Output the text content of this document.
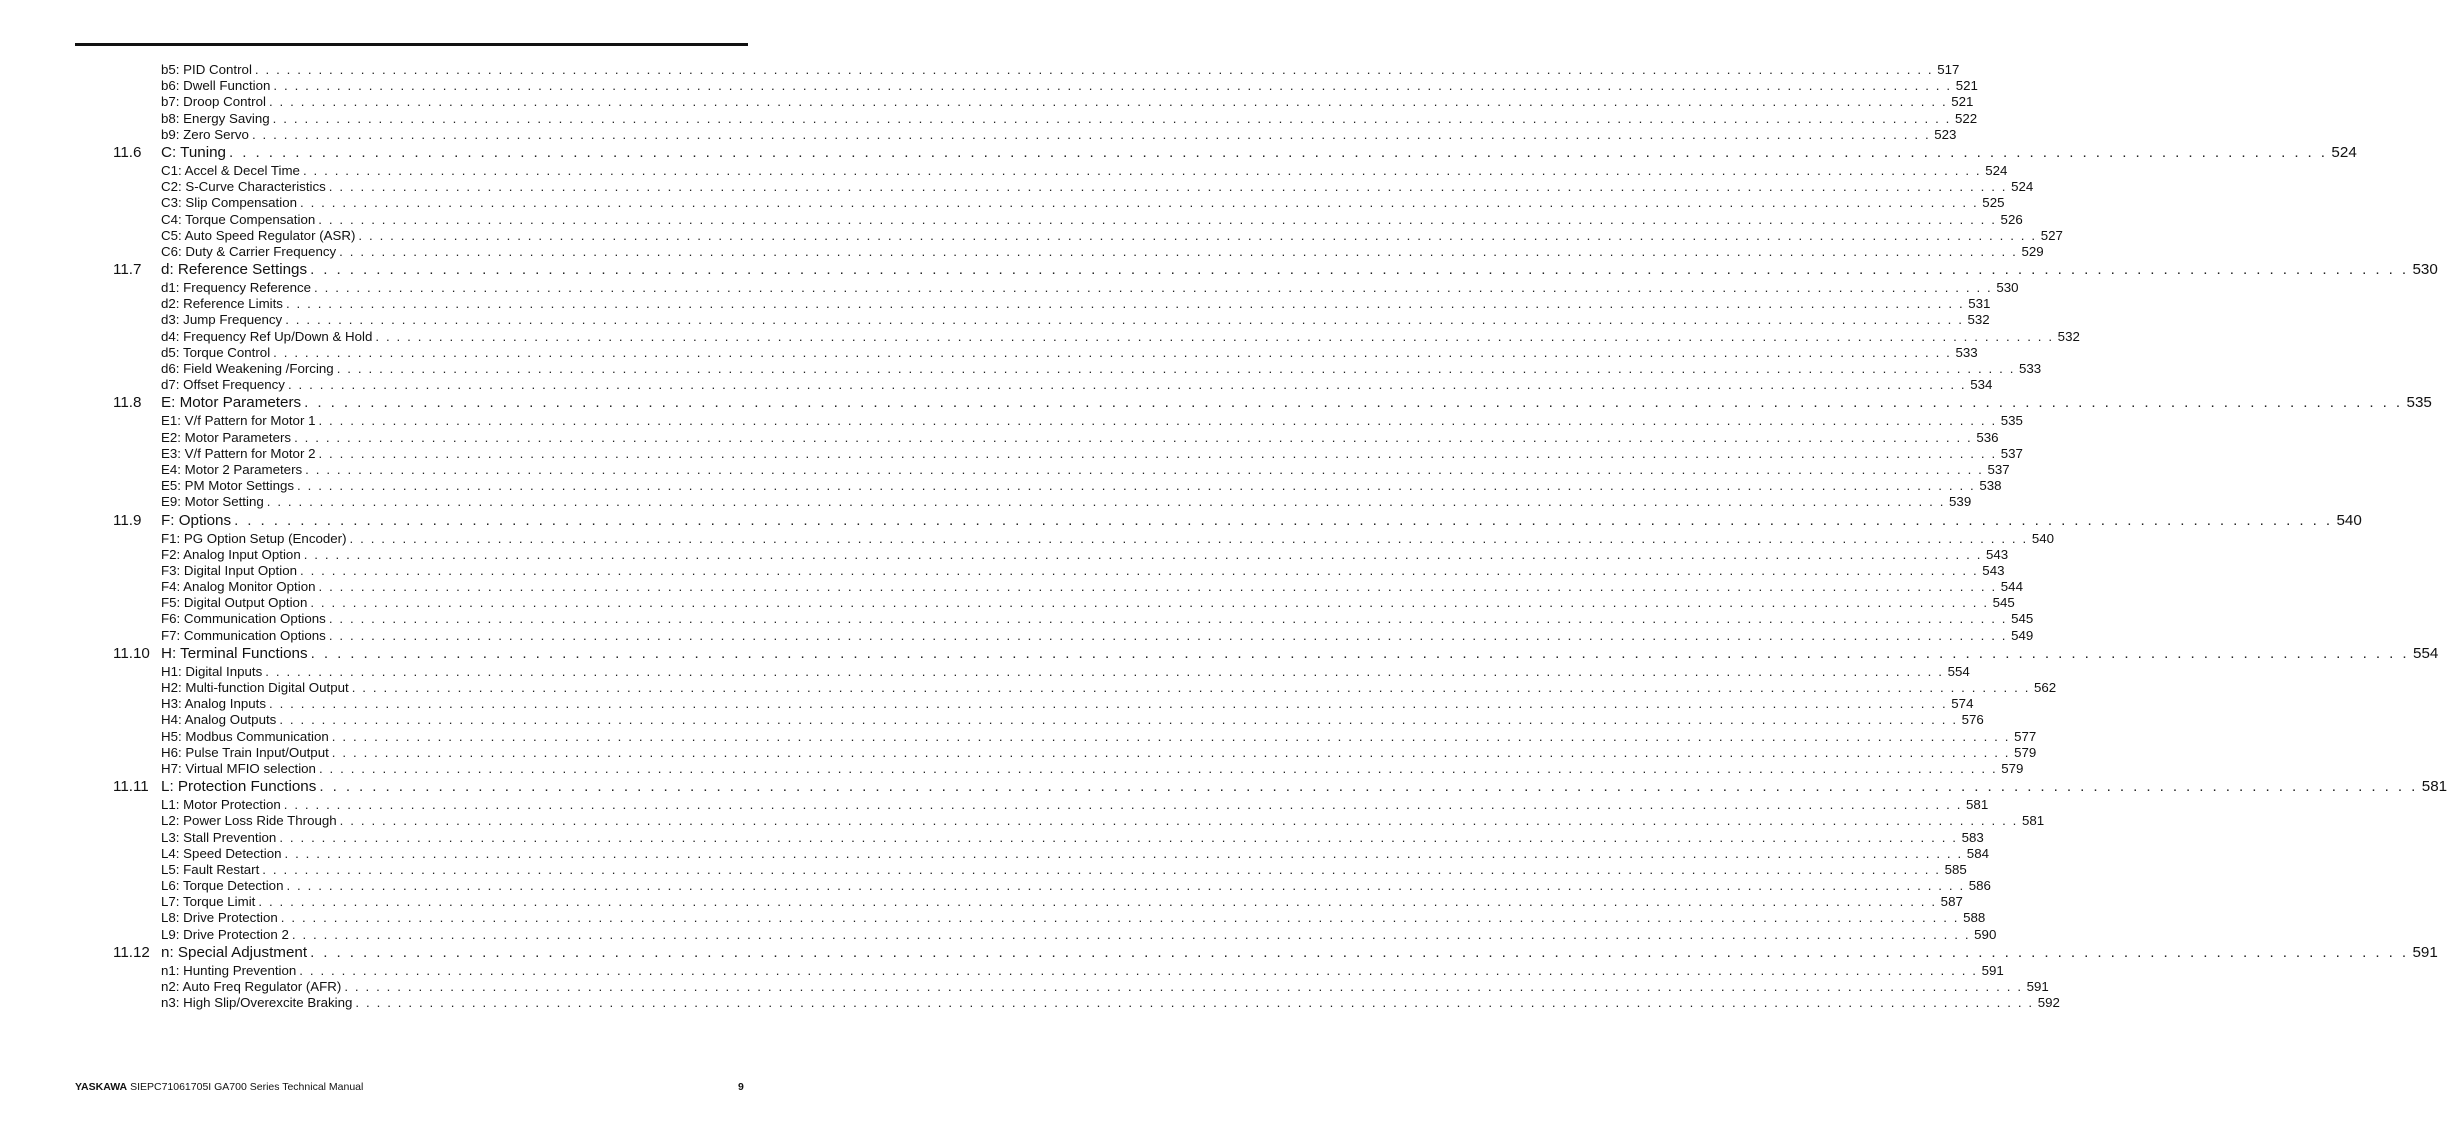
b5: PID Control . . . . . . . . . . . . . . . . . . . . . . . . . . . . . . . . . . . . . . . . . . . . . . . . . . . . . . . . . . . . . . . . . . . . . . . . . . . . . . . . . . . . . . . . . . . . . . . . . . . . . . . . . . . . . . . . . . . . . . . . . . . . . . . . . . . . . . . . . . . . . . . . . . . . . . . . . . . . . . . 517
b6: Dwell Function . . . . . . . . . . . . . . . . . . . . . . . . . . . . . . . . . . . . . . . . . . . . . . . . . . . . . . . . . . . . . . . . . . . . . . . . . . . . . . . . . . . . . . . . . . . . . . . . . . . . . . . . . . . . . . . . . . . . . . . . . . . . . . . . . . . . . . . . . . . . . . . . . . . . . . . . . . . . . . . 521
b7: Droop Control . . . . . . . . . . . . . . . . . . . . . . . . . . . . . . . . . . . . . . . . . . . . . . . . . . . . . . . . . . . . . . . . . . . . . . . . . . . . . . . . . . . . . . . . . . . . . . . . . . . . . . . . . . . . . . . . . . . . . . . . . . . . . . . . . . . . . . . . . . . . . . . . . . . . . . . . . . . . . . . 521
b8: Energy Saving . . . . . . . . . . . . . . . . . . . . . . . . . . . . . . . . . . . . . . . . . . . . . . . . . . . . . . . . . . . . . . . . . . . . . . . . . . . . . . . . . . . . . . . . . . . . . . . . . . . . . . . . . . . . . . . . . . . . . . . . . . . . . . . . . . . . . . . . . . . . . . . . . . . . . . . . . . . . . . . 522
b9: Zero Servo . . . . . . . . . . . . . . . . . . . . . . . . . . . . . . . . . . . . . . . . . . . . . . . . . . . . . . . . . . . . . . . . . . . . . . . . . . . . . . . . . . . . . . . . . . . . . . . . . . . . . . . . . . . . . . . . . . . . . . . . . . . . . . . . . . . . . . . . . . . . . . . . . . . . . . . . . . . . . . . 523
11.6 C: Tuning . . . . . . . . . . . . . . . . . . . . . . . . . . . . . . . . . . . . . . . . . . . . . . . . . . . . . . . . . . . . . . . . . . . . . . . . . . . . . . . . . . . . . . . . . . . . . . . . . . . . . . . . . . . . . . . . . . . . . . . . . . . . . . . . . . . . . . . . . . . . . . . . . . . . . . . . . . . . . . . 524
C1: Accel & Decel Time . . . . . . . . . . . . . . . . . . . . . . . . . . . . . . . . . . . . . . . . . . . . . . . . . . . . . . . . . . . . . . . . . . . . . . . . . . . . . . . . . . . . . . . . . . . . . . . . . . . . . . . . . . . . . . . . . . . . . . . . . . . . . . . . . . . . . . . . . . . . . . . . . . . . . . . . . . . . . . . 524
C2: S-Curve Characteristics . . . . . . . . . . . . . . . . . . . . . . . . . . . . . . . . . . . . . . . . . . . . . . . . . . . . . . . . . . . . . . . . . . . . . . . . . . . . . . . . . . . . . . . . . . . . . . . . . . . . . . . . . . . . . . . . . . . . . . . . . . . . . . . . . . . . . . . . . . . . . . . . . . . . . . . . . . . . . . . 524
C3: Slip Compensation . . . . . . . . . . . . . . . . . . . . . . . . . . . . . . . . . . . . . . . . . . . . . . . . . . . . . . . . . . . . . . . . . . . . . . . . . . . . . . . . . . . . . . . . . . . . . . . . . . . . . . . . . . . . . . . . . . . . . . . . . . . . . . . . . . . . . . . . . . . . . . . . . . . . . . . . . . . . . . . 525
C4: Torque Compensation . . . . . . . . . . . . . . . . . . . . . . . . . . . . . . . . . . . . . . . . . . . . . . . . . . . . . . . . . . . . . . . . . . . . . . . . . . . . . . . . . . . . . . . . . . . . . . . . . . . . . . . . . . . . . . . . . . . . . . . . . . . . . . . . . . . . . . . . . . . . . . . . . . . . . . . . . . . . . . . 526
C5: Auto Speed Regulator (ASR) . . . . . . . . . . . . . . . . . . . . . . . . . . . . . . . . . . . . . . . . . . . . . . . . . . . . . . . . . . . . . . . . . . . . . . . . . . . . . . . . . . . . . . . . . . . . . . . . . . . . . . . . . . . . . . . . . . . . . . . . . . . . . . . . . . . . . . . . . . . . . . . . . . . . . . . . . . . . . . . 527
C6: Duty & Carrier Frequency . . . . . . . . . . . . . . . . . . . . . . . . . . . . . . . . . . . . . . . . . . . . . . . . . . . . . . . . . . . . . . . . . . . . . . . . . . . . . . . . . . . . . . . . . . . . . . . . . . . . . . . . . . . . . . . . . . . . . . . . . . . . . . . . . . . . . . . . . . . . . . . . . . . . . . . . . . . . . . . 529
11.7 d: Reference Settings . . . . . . . . . . . . . . . . . . . . . . . . . . . . . . . . . . . . . . . . . . . . . . . . . . . . . . . . . . . . . . . . . . . . . . . . . . . . . . . . . . . . . . . . . . . . . . . . . . . . . . . . . . . . . . . . . . . . . . . . . . . . . . . . . . . . . . . . . . . . . . . . . . . . . . . . . . . . . . . 530
d1: Frequency Reference . . . . . . . . . . . . . . . . . . . . . . . . . . . . . . . . . . . . . . . . . . . . . . . . . . . . . . . . . . . . . . . . . . . . . . . . . . . . . . . . . . . . . . . . . . . . . . . . . . . . . . . . . . . . . . . . . . . . . . . . . . . . . . . . . . . . . . . . . . . . . . . . . . . . . . . . . . . . . . . 530
d2: Reference Limits . . . . . . . . . . . . . . . . . . . . . . . . . . . . . . . . . . . . . . . . . . . . . . . . . . . . . . . . . . . . . . . . . . . . . . . . . . . . . . . . . . . . . . . . . . . . . . . . . . . . . . . . . . . . . . . . . . . . . . . . . . . . . . . . . . . . . . . . . . . . . . . . . . . . . . . . . . . . . . . 531
d3: Jump Frequency . . . . . . . . . . . . . . . . . . . . . . . . . . . . . . . . . . . . . . . . . . . . . . . . . . . . . . . . . . . . . . . . . . . . . . . . . . . . . . . . . . . . . . . . . . . . . . . . . . . . . . . . . . . . . . . . . . . . . . . . . . . . . . . . . . . . . . . . . . . . . . . . . . . . . . . . . . . . . . . 532
d4: Frequency Ref Up/Down & Hold . . . . . . . . . . . . . . . . . . . . . . . . . . . . . . . . . . . . . . . . . . . . . . . . . . . . . . . . . . . . . . . . . . . . . . . . . . . . . . . . . . . . . . . . . . . . . . . . . . . . . . . . . . . . . . . . . . . . . . . . . . . . . . . . . . . . . . . . . . . . . . . . . . . . . . . . . . . . . . . 532
d5: Torque Control . . . . . . . . . . . . . . . . . . . . . . . . . . . . . . . . . . . . . . . . . . . . . . . . . . . . . . . . . . . . . . . . . . . . . . . . . . . . . . . . . . . . . . . . . . . . . . . . . . . . . . . . . . . . . . . . . . . . . . . . . . . . . . . . . . . . . . . . . . . . . . . . . . . . . . . . . . . . . . . 533
d6: Field Weakening /Forcing . . . . . . . . . . . . . . . . . . . . . . . . . . . . . . . . . . . . . . . . . . . . . . . . . . . . . . . . . . . . . . . . . . . . . . . . . . . . . . . . . . . . . . . . . . . . . . . . . . . . . . . . . . . . . . . . . . . . . . . . . . . . . . . . . . . . . . . . . . . . . . . . . . . . . . . . . . . . . . . 533
d7: Offset Frequency . . . . . . . . . . . . . . . . . . . . . . . . . . . . . . . . . . . . . . . . . . . . . . . . . . . . . . . . . . . . . . . . . . . . . . . . . . . . . . . . . . . . . . . . . . . . . . . . . . . . . . . . . . . . . . . . . . . . . . . . . . . . . . . . . . . . . . . . . . . . . . . . . . . . . . . . . . . . . . . 534
11.8 E: Motor Parameters . . . . . . . . . . . . . . . . . . . . . . . . . . . . . . . . . . . . . . . . . . . . . . . . . . . . . . . . . . . . . . . . . . . . . . . . . . . . . . . . . . . . . . . . . . . . . . . . . . . . . . . . . . . . . . . . . . . . . . . . . . . . . . . . . . . . . . . . . . . . . . . . . . . . . . . . . . . . . . . 535
E1: V/f Pattern for Motor 1 . . . . . . . . . . . . . . . . . . . . . . . . . . . . . . . . . . . . . . . . . . . . . . . . . . . . . . . . . . . . . . . . . . . . . . . . . . . . . . . . . . . . . . . . . . . . . . . . . . . . . . . . . . . . . . . . . . . . . . . . . . . . . . . . . . . . . . . . . . . . . . . . . . . . . . . . . . . . . . . 535
E2: Motor Parameters . . . . . . . . . . . . . . . . . . . . . . . . . . . . . . . . . . . . . . . . . . . . . . . . . . . . . . . . . . . . . . . . . . . . . . . . . . . . . . . . . . . . . . . . . . . . . . . . . . . . . . . . . . . . . . . . . . . . . . . . . . . . . . . . . . . . . . . . . . . . . . . . . . . . . . . . . . . . . . . 536
E3: V/f Pattern for Motor 2 . . . . . . . . . . . . . . . . . . . . . . . . . . . . . . . . . . . . . . . . . . . . . . . . . . . . . . . . . . . . . . . . . . . . . . . . . . . . . . . . . . . . . . . . . . . . . . . . . . . . . . . . . . . . . . . . . . . . . . . . . . . . . . . . . . . . . . . . . . . . . . . . . . . . . . . . . . . . . . . 537
E4: Motor 2 Parameters . . . . . . . . . . . . . . . . . . . . . . . . . . . . . . . . . . . . . . . . . . . . . . . . . . . . . . . . . . . . . . . . . . . . . . . . . . . . . . . . . . . . . . . . . . . . . . . . . . . . . . . . . . . . . . . . . . . . . . . . . . . . . . . . . . . . . . . . . . . . . . . . . . . . . . . . . . . . . . . 537
E5: PM Motor Settings . . . . . . . . . . . . . . . . . . . . . . . . . . . . . . . . . . . . . . . . . . . . . . . . . . . . . . . . . . . . . . . . . . . . . . . . . . . . . . . . . . . . . . . . . . . . . . . . . . . . . . . . . . . . . . . . . . . . . . . . . . . . . . . . . . . . . . . . . . . . . . . . . . . . . . . . . . . . . . . 538
E9: Motor Setting . . . . . . . . . . . . . . . . . . . . . . . . . . . . . . . . . . . . . . . . . . . . . . . . . . . . . . . . . . . . . . . . . . . . . . . . . . . . . . . . . . . . . . . . . . . . . . . . . . . . . . . . . . . . . . . . . . . . . . . . . . . . . . . . . . . . . . . . . . . . . . . . . . . . . . . . . . . . . . . 539
11.9 F: Options . . . . . . . . . . . . . . . . . . . . . . . . . . . . . . . . . . . . . . . . . . . . . . . . . . . . . . . . . . . . . . . . . . . . . . . . . . . . . . . . . . . . . . . . . . . . . . . . . . . . . . . . . . . . . . . . . . . . . . . . . . . . . . . . . . . . . . . . . . . . . . . . . . . . . . . . . . . . . . . 540
F1: PG Option Setup (Encoder) . . . . . . . . . . . . . . . . . . . . . . . . . . . . . . . . . . . . . . . . . . . . . . . . . . . . . . . . . . . . . . . . . . . . . . . . . . . . . . . . . . . . . . . . . . . . . . . . . . . . . . . . . . . . . . . . . . . . . . . . . . . . . . . . . . . . . . . . . . . . . . . . . . . . . . . . . . . . . . . 540
F2: Analog Input Option . . . . . . . . . . . . . . . . . . . . . . . . . . . . . . . . . . . . . . . . . . . . . . . . . . . . . . . . . . . . . . . . . . . . . . . . . . . . . . . . . . . . . . . . . . . . . . . . . . . . . . . . . . . . . . . . . . . . . . . . . . . . . . . . . . . . . . . . . . . . . . . . . . . . . . . . . . . . . . . 543
F3: Digital Input Option . . . . . . . . . . . . . . . . . . . . . . . . . . . . . . . . . . . . . . . . . . . . . . . . . . . . . . . . . . . . . . . . . . . . . . . . . . . . . . . . . . . . . . . . . . . . . . . . . . . . . . . . . . . . . . . . . . . . . . . . . . . . . . . . . . . . . . . . . . . . . . . . . . . . . . . . . . . . . . . 543
F4: Analog Monitor Option . . . . . . . . . . . . . . . . . . . . . . . . . . . . . . . . . . . . . . . . . . . . . . . . . . . . . . . . . . . . . . . . . . . . . . . . . . . . . . . . . . . . . . . . . . . . . . . . . . . . . . . . . . . . . . . . . . . . . . . . . . . . . . . . . . . . . . . . . . . . . . . . . . . . . . . . . . . . . . . 544
F5: Digital Output Option . . . . . . . . . . . . . . . . . . . . . . . . . . . . . . . . . . . . . . . . . . . . . . . . . . . . . . . . . . . . . . . . . . . . . . . . . . . . . . . . . . . . . . . . . . . . . . . . . . . . . . . . . . . . . . . . . . . . . . . . . . . . . . . . . . . . . . . . . . . . . . . . . . . . . . . . . . . . . . . 545
F6: Communication Options . . . . . . . . . . . . . . . . . . . . . . . . . . . . . . . . . . . . . . . . . . . . . . . . . . . . . . . . . . . . . . . . . . . . . . . . . . . . . . . . . . . . . . . . . . . . . . . . . . . . . . . . . . . . . . . . . . . . . . . . . . . . . . . . . . . . . . . . . . . . . . . . . . . . . . . . . . . . . . . 545
F7: Communication Options . . . . . . . . . . . . . . . . . . . . . . . . . . . . . . . . . . . . . . . . . . . . . . . . . . . . . . . . . . . . . . . . . . . . . . . . . . . . . . . . . . . . . . . . . . . . . . . . . . . . . . . . . . . . . . . . . . . . . . . . . . . . . . . . . . . . . . . . . . . . . . . . . . . . . . . . . . . . . . . 549
11.10 H: Terminal Functions . . . . . . . . . . . . . . . . . . . . . . . . . . . . . . . . . . . . . . . . . . . . . . . . . . . . . . . . . . . . . . . . . . . . . . . . . . . . . . . . . . . . . . . . . . . . . . . . . . . . . . . . . . . . . . . . . . . . . . . . . . . . . . . . . . . . . . . . . . . . . . . . . . . . . . . . . . . . . . . 554
H1: Digital Inputs . . . . . . . . . . . . . . . . . . . . . . . . . . . . . . . . . . . . . . . . . . . . . . . . . . . . . . . . . . . . . . . . . . . . . . . . . . . . . . . . . . . . . . . . . . . . . . . . . . . . . . . . . . . . . . . . . . . . . . . . . . . . . . . . . . . . . . . . . . . . . . . . . . . . . . . . . . . . . . . 554
H2: Multi-function Digital Output . . . . . . . . . . . . . . . . . . . . . . . . . . . . . . . . . . . . . . . . . . . . . . . . . . . . . . . . . . . . . . . . . . . . . . . . . . . . . . . . . . . . . . . . . . . . . . . . . . . . . . . . . . . . . . . . . . . . . . . . . . . . . . . . . . . . . . . . . . . . . . . . . . . . . . . . . . . . . . . 562
H3: Analog Inputs . . . . . . . . . . . . . . . . . . . . . . . . . . . . . . . . . . . . . . . . . . . . . . . . . . . . . . . . . . . . . . . . . . . . . . . . . . . . . . . . . . . . . . . . . . . . . . . . . . . . . . . . . . . . . . . . . . . . . . . . . . . . . . . . . . . . . . . . . . . . . . . . . . . . . . . . . . . . . . . 574
H4: Analog Outputs . . . . . . . . . . . . . . . . . . . . . . . . . . . . . . . . . . . . . . . . . . . . . . . . . . . . . . . . . . . . . . . . . . . . . . . . . . . . . . . . . . . . . . . . . . . . . . . . . . . . . . . . . . . . . . . . . . . . . . . . . . . . . . . . . . . . . . . . . . . . . . . . . . . . . . . . . . . . . . . 576
H5: Modbus Communication . . . . . . . . . . . . . . . . . . . . . . . . . . . . . . . . . . . . . . . . . . . . . . . . . . . . . . . . . . . . . . . . . . . . . . . . . . . . . . . . . . . . . . . . . . . . . . . . . . . . . . . . . . . . . . . . . . . . . . . . . . . . . . . . . . . . . . . . . . . . . . . . . . . . . . . . . . . . . . . 577
H6: Pulse Train Input/Output . . . . . . . . . . . . . . . . . . . . . . . . . . . . . . . . . . . . . . . . . . . . . . . . . . . . . . . . . . . . . . . . . . . . . . . . . . . . . . . . . . . . . . . . . . . . . . . . . . . . . . . . . . . . . . . . . . . . . . . . . . . . . . . . . . . . . . . . . . . . . . . . . . . . . . . . . . . . . . . 579
H7: Virtual MFIO selection . . . . . . . . . . . . . . . . . . . . . . . . . . . . . . . . . . . . . . . . . . . . . . . . . . . . . . . . . . . . . . . . . . . . . . . . . . . . . . . . . . . . . . . . . . . . . . . . . . . . . . . . . . . . . . . . . . . . . . . . . . . . . . . . . . . . . . . . . . . . . . . . . . . . . . . . . . . . . . . 579
11.11 L: Protection Functions . . . . . . . . . . . . . . . . . . . . . . . . . . . . . . . . . . . . . . . . . . . . . . . . . . . . . . . . . . . . . . . . . . . . . . . . . . . . . . . . . . . . . . . . . . . . . . . . . . . . . . . . . . . . . . . . . . . . . . . . . . . . . . . . . . . . . . . . . . . . . . . . . . . . . . . . . . . . . . . 581
L1: Motor Protection . . . . . . . . . . . . . . . . . . . . . . . . . . . . . . . . . . . . . . . . . . . . . . . . . . . . . . . . . . . . . . . . . . . . . . . . . . . . . . . . . . . . . . . . . . . . . . . . . . . . . . . . . . . . . . . . . . . . . . . . . . . . . . . . . . . . . . . . . . . . . . . . . . . . . . . . . . . . . . . 581
L2: Power Loss Ride Through . . . . . . . . . . . . . . . . . . . . . . . . . . . . . . . . . . . . . . . . . . . . . . . . . . . . . . . . . . . . . . . . . . . . . . . . . . . . . . . . . . . . . . . . . . . . . . . . . . . . . . . . . . . . . . . . . . . . . . . . . . . . . . . . . . . . . . . . . . . . . . . . . . . . . . . . . . . . . . . 581
L3: Stall Prevention . . . . . . . . . . . . . . . . . . . . . . . . . . . . . . . . . . . . . . . . . . . . . . . . . . . . . . . . . . . . . . . . . . . . . . . . . . . . . . . . . . . . . . . . . . . . . . . . . . . . . . . . . . . . . . . . . . . . . . . . . . . . . . . . . . . . . . . . . . . . . . . . . . . . . . . . . . . . . . . 583
L4: Speed Detection . . . . . . . . . . . . . . . . . . . . . . . . . . . . . . . . . . . . . . . . . . . . . . . . . . . . . . . . . . . . . . . . . . . . . . . . . . . . . . . . . . . . . . . . . . . . . . . . . . . . . . . . . . . . . . . . . . . . . . . . . . . . . . . . . . . . . . . . . . . . . . . . . . . . . . . . . . . . . . . 584
L5: Fault Restart . . . . . . . . . . . . . . . . . . . . . . . . . . . . . . . . . . . . . . . . . . . . . . . . . . . . . . . . . . . . . . . . . . . . . . . . . . . . . . . . . . . . . . . . . . . . . . . . . . . . . . . . . . . . . . . . . . . . . . . . . . . . . . . . . . . . . . . . . . . . . . . . . . . . . . . . . . . . . . . 585
L6: Torque Detection . . . . . . . . . . . . . . . . . . . . . . . . . . . . . . . . . . . . . . . . . . . . . . . . . . . . . . . . . . . . . . . . . . . . . . . . . . . . . . . . . . . . . . . . . . . . . . . . . . . . . . . . . . . . . . . . . . . . . . . . . . . . . . . . . . . . . . . . . . . . . . . . . . . . . . . . . . . . . . . 586
L7: Torque Limit . . . . . . . . . . . . . . . . . . . . . . . . . . . . . . . . . . . . . . . . . . . . . . . . . . . . . . . . . . . . . . . . . . . . . . . . . . . . . . . . . . . . . . . . . . . . . . . . . . . . . . . . . . . . . . . . . . . . . . . . . . . . . . . . . . . . . . . . . . . . . . . . . . . . . . . . . . . . . . . 587
L8: Drive Protection . . . . . . . . . . . . . . . . . . . . . . . . . . . . . . . . . . . . . . . . . . . . . . . . . . . . . . . . . . . . . . . . . . . . . . . . . . . . . . . . . . . . . . . . . . . . . . . . . . . . . . . . . . . . . . . . . . . . . . . . . . . . . . . . . . . . . . . . . . . . . . . . . . . . . . . . . . . . . . . 588
L9: Drive Protection 2 . . . . . . . . . . . . . . . . . . . . . . . . . . . . . . . . . . . . . . . . . . . . . . . . . . . . . . . . . . . . . . . . . . . . . . . . . . . . . . . . . . . . . . . . . . . . . . . . . . . . . . . . . . . . . . . . . . . . . . . . . . . . . . . . . . . . . . . . . . . . . . . . . . . . . . . . . . . . . . . 590
11.12 n: Special Adjustment . . . . . . . . . . . . . . . . . . . . . . . . . . . . . . . . . . . . . . . . . . . . . . . . . . . . . . . . . . . . . . . . . . . . . . . . . . . . . . . . . . . . . . . . . . . . . . . . . . . . . . . . . . . . . . . . . . . . . . . . . . . . . . . . . . . . . . . . . . . . . . . . . . . . . . . . . . . . . . . 591
n1: Hunting Prevention . . . . . . . . . . . . . . . . . . . . . . . . . . . . . . . . . . . . . . . . . . . . . . . . . . . . . . . . . . . . . . . . . . . . . . . . . . . . . . . . . . . . . . . . . . . . . . . . . . . . . . . . . . . . . . . . . . . . . . . . . . . . . . . . . . . . . . . . . . . . . . . . . . . . . . . . . . . . . . . 591
n2: Auto Freq Regulator (AFR) . . . . . . . . . . . . . . . . . . . . . . . . . . . . . . . . . . . . . . . . . . . . . . . . . . . . . . . . . . . . . . . . . . . . . . . . . . . . . . . . . . . . . . . . . . . . . . . . . . . . . . . . . . . . . . . . . . . . . . . . . . . . . . . . . . . . . . . . . . . . . . . . . . . . . . . . . . . . . . . 591
n3: High Slip/Overexcite Braking . . . . . . . . . . . . . . . . . . . . . . . . . . . . . . . . . . . . . . . . . . . . . . . . . . . . . . . . . . . . . . . . . . . . . . . . . . . . . . . . . . . . . . . . . . . . . . . . . . . . . . . . . . . . . . . . . . . . . . . . . . . . . . . . . . . . . . . . . . . . . . . . . . . . . . . . . . . . . . . 592
YASKAWA SIEPC71061705I GA700 Series Technical Manual	9
